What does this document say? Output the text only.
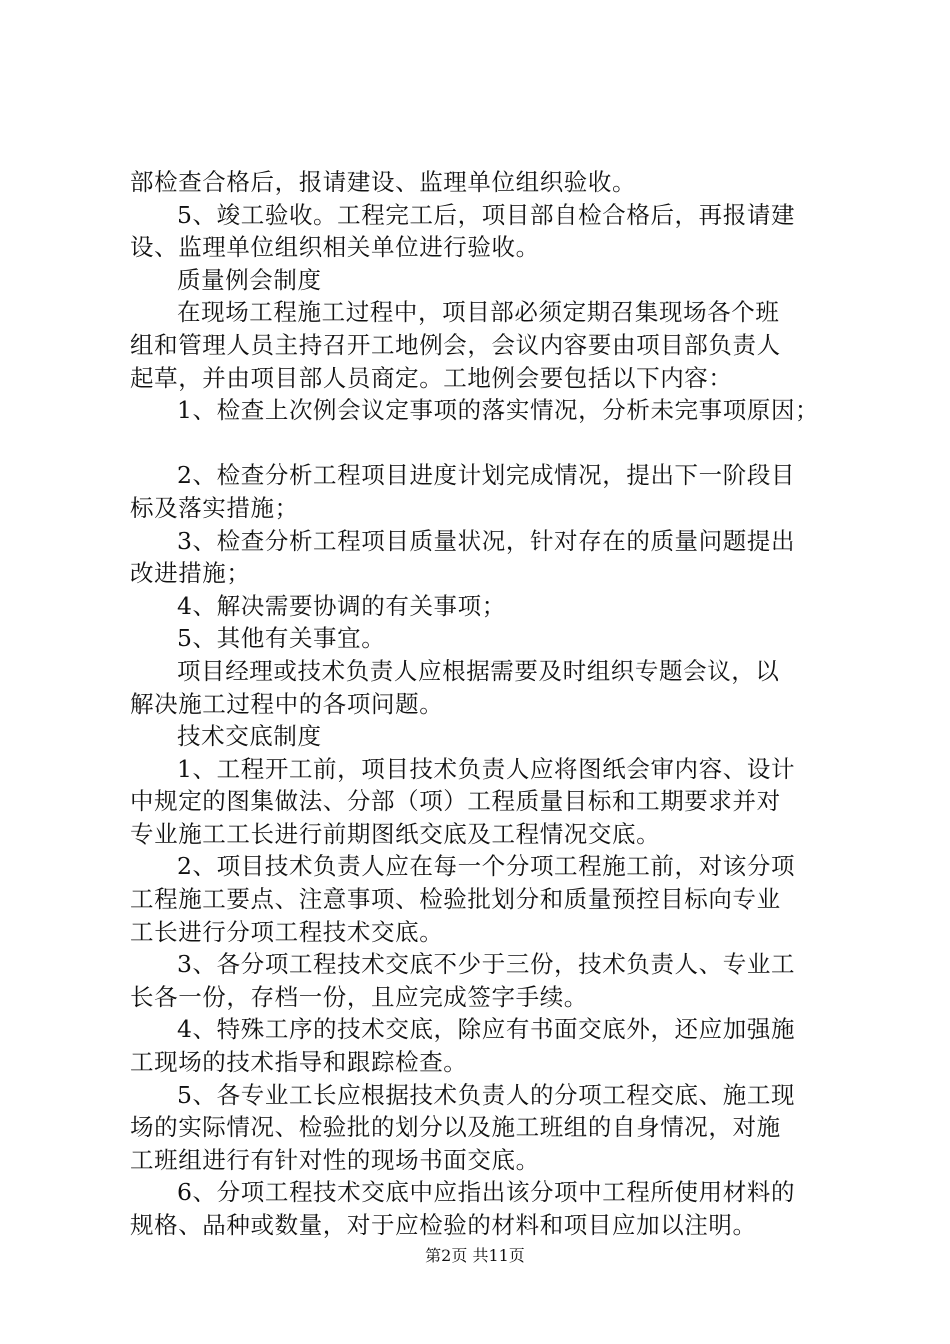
部检查合格后，报请建设、监理单位组织验收。
5、竣工验收。工程完工后，项目部自检合格后，再报请建
设、监理单位组织相关单位进行验收。
质量例会制度
在现场工程施工过程中，项目部必须定期召集现场各个班
组和管理人员主持召开工地例会，会议内容要由项目部负责人
起草，并由项目部人员商定。工地例会要包括以下内容：
1、检查上次例会议定事项的落实情况，分析未完事项原因；
2、检查分析工程项目进度计划完成情况，提出下一阶段目
标及落实措施；
3、检查分析工程项目质量状况，针对存在的质量问题提出
改进措施；
4、解决需要协调的有关事项；
5、其他有关事宜。
项目经理或技术负责人应根据需要及时组织专题会议，以
解决施工过程中的各项问题。
技术交底制度
1、工程开工前，项目技术负责人应将图纸会审内容、设计
中规定的图集做法、分部（项）工程质量目标和工期要求并对
专业施工工长进行前期图纸交底及工程情况交底。
2、项目技术负责人应在每一个分项工程施工前，对该分项
工程施工要点、注意事项、检验批划分和质量预控目标向专业
工长进行分项工程技术交底。
3、各分项工程技术交底不少于三份，技术负责人、专业工
长各一份，存档一份，且应完成签字手续。
4、特殊工序的技术交底，除应有书面交底外，还应加强施
工现场的技术指导和跟踪检查。
5、各专业工长应根据技术负责人的分项工程交底、施工现
场的实际情况、检验批的划分以及施工班组的自身情况，对施
工班组进行有针对性的现场书面交底。
6、分项工程技术交底中应指出该分项中工程所使用材料的
规格、品种或数量，对于应检验的材料和项目应加以注明。
第2页 共11页
